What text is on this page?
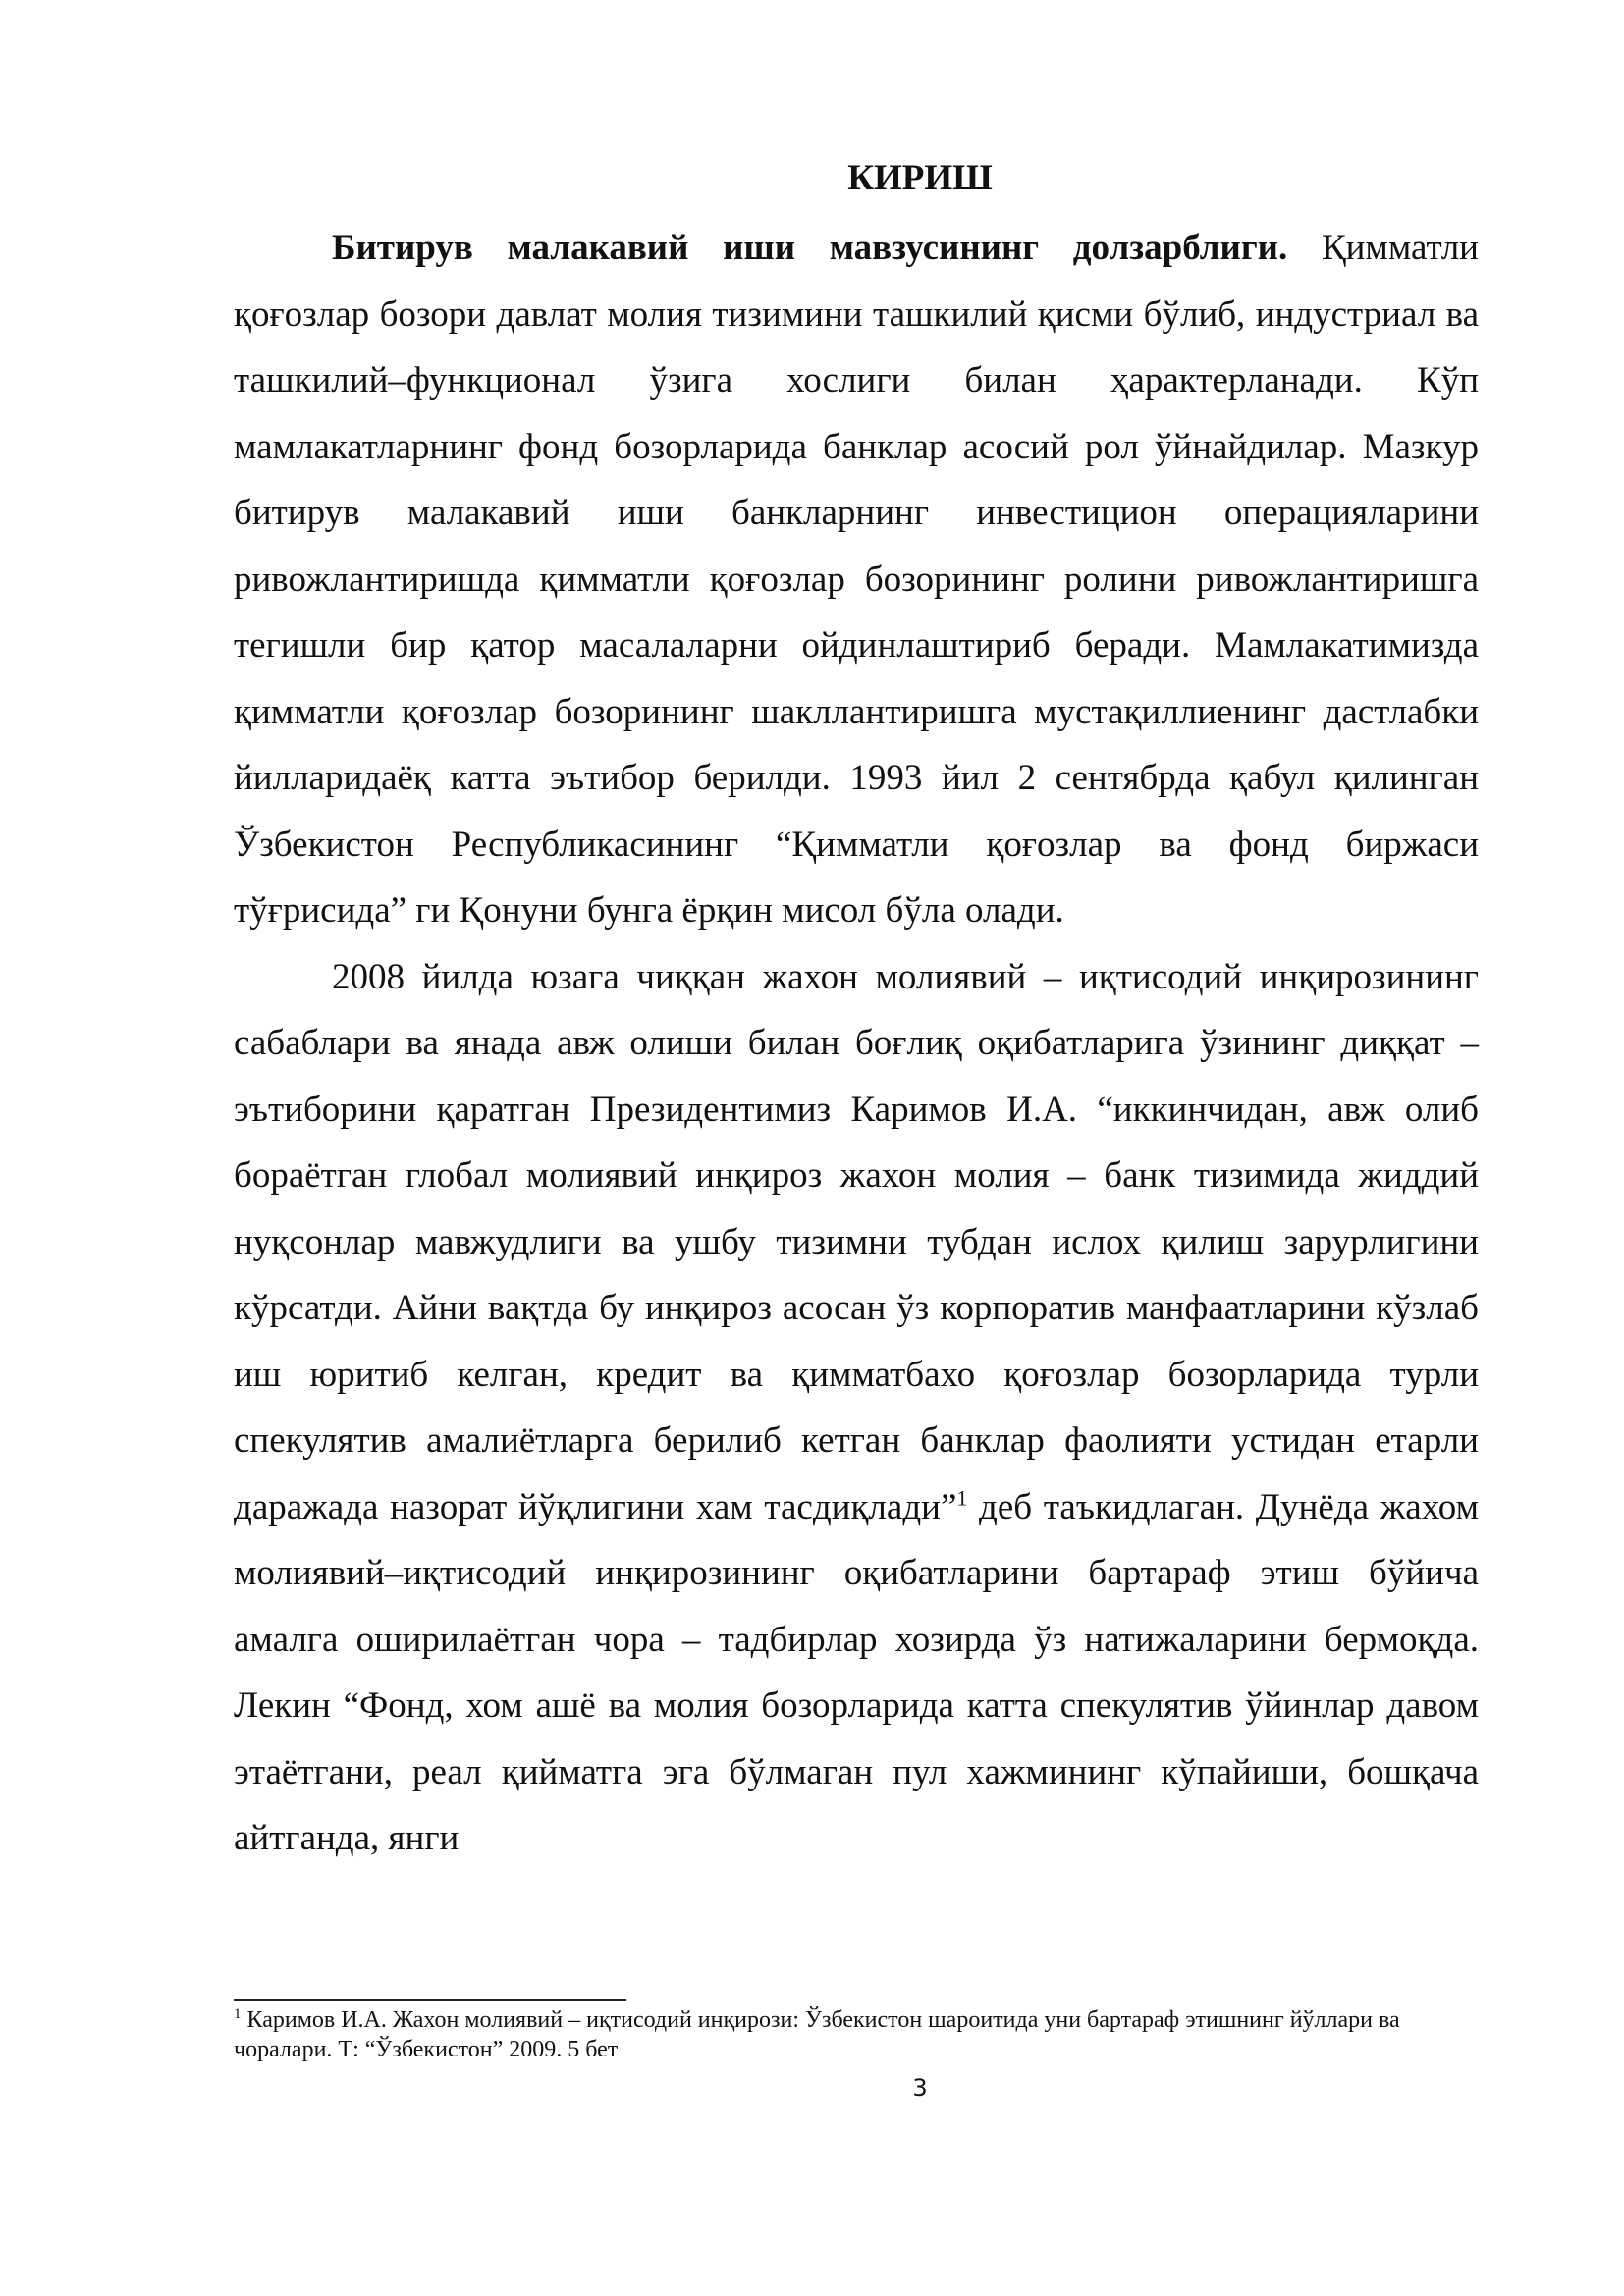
КИРИШ

Битирув малакавий иши мавзусининг долзарблиги. Қимматли қоғозлар бозори давлат молия тизимини ташкилий қисми бўлиб, индустриал ва ташкилий–функционал ўзига хослиги билан ҳарактерланади. Кўп мамлакатларнинг фонд бозорларида банклар асосий рол ўйнайдилар. Мазкур битирув малакавий иши банкларнинг инвестицион операцияларини ривожлантиришда қимматли қоғозлар бозорининг ролини ривожлантиришга тегишли бир қатор масалаларни ойдинлаштириб беради. Мамлакатимизда қимматли қоғозлар бозорининг шакллантиришга мустақиллиенинг дастлабки йилларидаёқ катта эътибор берилди. 1993 йил 2 сентябрда қабул қилинган Ўзбекистон Республикасининг “Қимматли қоғозлар ва фонд биржаси тўғрисида” ги Қонуни бунга ёрқин мисол бўла олади.

2008 йилда юзага чиққан жахон молиявий – иқтисодий инқирозининг сабаблари ва янада авж олиши билан боғлиқ оқибатларига ўзининг диққат – эътиборини қаратган Президентимиз Каримов И.А. “иккинчидан, авж олиб бораётган глобал молиявий инқироз жахон молия – банк тизимида жиддий нуқсонлар мавжудлиги ва ушбу тизимни тубдан ислох қилиш зарурлигини кўрсатди. Айни вақтда бу инқироз асосан ўз корпоратив манфаатларини кўзлаб иш юритиб келган, кредит ва қимматбахо қоғозлар бозорларида турли спекулятив амалиётларга берилиб кетган банклар фаолияти устидан етарли даражада назорат йўқлигини хам тасдиқлади”$^1$ деб таъкидлаган. Дунёда жахом молиявий–иқтисодий инқирозининг оқибатларини бартараф этиш бўйича амалга оширилаётган чора – тадбирлар хозирда ўз натижаларини бермоқда. Лекин “Фонд, хом ашё ва молия бозорларида катта спекулятив ўйинлар давом этаётгани, реал қийматга эга бўлмаган пул хажмининг кўпайиши, бошқача айтганда, янги

$^1$ Каримов И.А. Жахон молиявий – иқтисодий инқирози: Ўзбекистон шароитида уни бартараф этишнинг йўллари ва чоралари. Т: “Ўзбекистон” 2009. 5 бет

3
